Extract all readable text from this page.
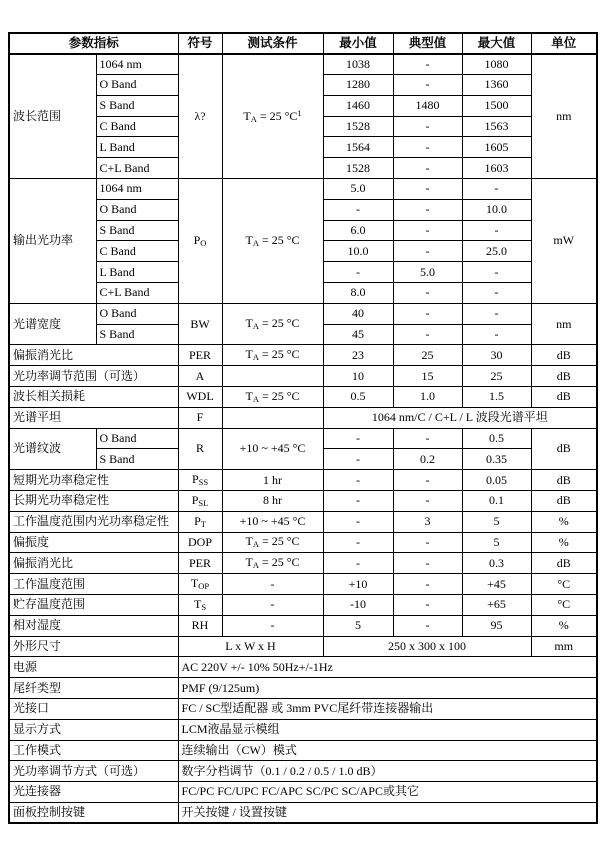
参数指标		符号	测试条件	最小值	典型值	最大值	单位
波长范围	1064 nm	λ?	$T_A = 25$ $^\circ C^1$	1038	-	1080	nm
	O Band			1280	-	1360	
	S Band			1460	1480	1500	
	C Band			1528	-	1563	
	L Band			1564	-	1605	
	C+L Band			1528	-	1603	
输出光功率	1064 nm	$P_O$	$T_A = 25$ °C	5.0	-	-	mW
	O Band			-	-	10.0	
	S Band			6.0	-	-	
	C Band			10.0	-	25.0	
	L Band			-	5.0	-	
	C+L Band			8.0	-	-	
光谱宽度	O Band	BW	$T_A = 25$ °C	40	-	-	nm
	S Band			45	-	-	
偏振消光比		PER	$T_A = 25$ °C	23	25	30	dB
光功率调节范围（可选）		A		10	15	25	dB
波长相关损耗		WDL	$T_A = 25$ °C	0.5	1.0	1.5	dB
光谱平坦		F		1064 nm/C / C+L / L 波段光谱平坦			
光谱纹波	O Band	R	+10 ~ +45 °C	-	-	0.5	dB
	S Band			-	0.2	0.35	
短期光功率稳定性		$P_{SS}$	1 hr	-	-	0.05	dB
长期光功率稳定性		$P_{SL}$	8 hr	-	-	0.1	dB
工作温度范围内光功率稳定性		$P_T$	+10 ~ +45 °C	-	3	5	%
偏振度		DOP	$T_A = 25$ °C	-	-	5	%
偏振消光比		PER	$T_A = 25$ °C	-	-	0.3	dB
工作温度范围		$T_{OP}$	-	+10	-	+45	°C
贮存温度范围		$T_S$	-	-10	-	+65	°C
相对湿度		RH	-	5	-	95	%
外形尺寸		L x W x H		250 x 300 x 100			mm
电源		AC 220V +/- 10% 50Hz+/-1Hz					
尾纤类型		PMF (9/125um)					
光接口		FC / SC型适配器 或 3mm PVC尾纤带连接器输出					
显示方式		LCM液晶显示模组					
工作模式		连续输出（CW）模式					
光功率调节方式（可选）		数字分档调节（0.1 / 0.2 / 0.5 / 1.0 dB）					
光连接器		FC/PC FC/UPC FC/APC SC/PC SC/APC或其它					
面板控制按键		开关按键 / 设置按键					
